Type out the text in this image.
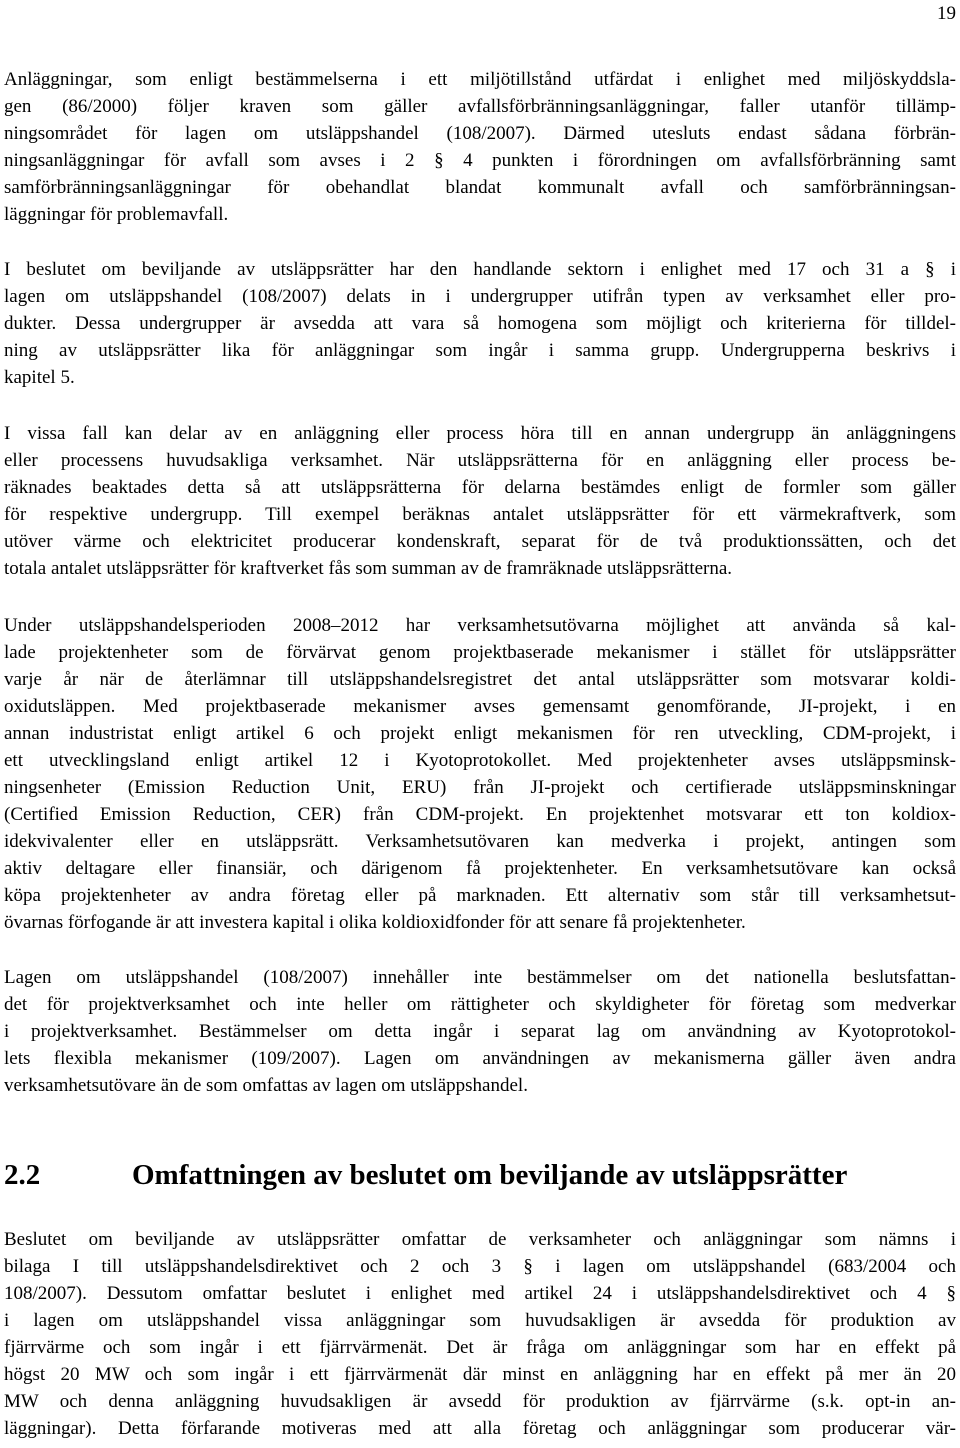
19
Anläggningar, som enligt bestämmelserna i ett miljötillstånd utfärdat i enlighet med miljöskyddsla-
gen (86/2000) följer kraven som gäller avfallsförbränningsanläggningar, faller utanför tillämp-
ningsområdet för lagen om utsläppshandel (108/2007). Därmed utesluts endast sådana förbrän-
ningsanläggningar för avfall som avses i 2 § 4 punkten i förordningen om avfallsförbränning samt
samförbränningsanläggningar för obehandlat blandat kommunalt avfall och samförbränningsan-
läggningar för problemavfall.
I beslutet om beviljande av utsläppsrätter har den handlande sektorn i enlighet med 17 och 31 a § i
lagen om utsläppshandel (108/2007) delats in i undergrupper utifrån typen av verksamhet eller pro-
dukter. Dessa undergrupper är avsedda att vara så homogena som möjligt och kriterierna för tilldel-
ning av utsläppsrätter lika för anläggningar som ingår i samma grupp. Undergrupperna beskrivs i
kapitel 5.
I vissa fall kan delar av en anläggning eller process höra till en annan undergrupp än anläggningens
eller processens huvudsakliga verksamhet. När utsläppsrätterna för en anläggning eller process be-
räknades beaktades detta så att utsläppsrätterna för delarna bestämdes enligt de formler som gäller
för respektive undergrupp. Till exempel beräknas antalet utsläppsrätter för ett värmekraftverk, som
utöver värme och elektricitet producerar kondenskraft, separat för de två produktionssätten, och det
totala antalet utsläppsrätter för kraftverket fås som summan av de framräknade utsläppsrätterna.
Under utsläppshandelsperioden 2008–2012 har verksamhetsutövarna möjlighet att använda så kal-
lade projektenheter som de förvärvat genom projektbaserade mekanismer i stället för utsläppsrätter
varje år när de återlämnar till utsläppshandelsregistret det antal utsläppsrätter som motsvarar koldi-
oxidutsläppen. Med projektbaserade mekanismer avses gemensamt genomförande, JI-projekt, i en
annan industristat enligt artikel 6 och projekt enligt mekanismen för ren utveckling, CDM-projekt, i
ett utvecklingsland enligt artikel 12 i Kyotoprotokollet. Med projektenheter avses utsläppsminsk-
ningsenheter (Emission Reduction Unit, ERU) från JI-projekt och certifierade utsläppsminskningar
(Certified Emission Reduction, CER) från CDM-projekt. En projektenhet motsvarar ett ton koldiox-
idekvivalenter eller en utsläppsrätt. Verksamhetsutövaren kan medverka i projekt, antingen som
aktiv deltagare eller finansiär, och därigenom få projektenheter. En verksamhetsutövare kan också
köpa projektenheter av andra företag eller på marknaden. Ett alternativ som står till verksamhetsut-
övarnas förfogande är att investera kapital i olika koldioxidfonder för att senare få projektenheter.
Lagen om utsläppshandel (108/2007) innehåller inte bestämmelser om det nationella beslutsfattan-
det för projektverksamhet och inte heller om rättigheter och skyldigheter för företag som medverkar
i projektverksamhet. Bestämmelser om detta ingår i separat lag om användning av Kyotoprotokol-
lets flexibla mekanismer (109/2007). Lagen om användningen av mekanismerna gäller även andra
verksamhetsutövare än de som omfattas av lagen om utsläppshandel.
2.2	Omfattningen av beslutet om beviljande av utsläppsrätter
Beslutet om beviljande av utsläppsrätter omfattar de verksamheter och anläggningar som nämns i
bilaga I till utsläppshandelsdirektivet och 2 och 3 § i lagen om utsläppshandel (683/2004 och
108/2007). Dessutom omfattar beslutet i enlighet med artikel 24 i utsläppshandelsdirektivet och 4 §
i lagen om utsläppshandel vissa anläggningar som huvudsakligen är avsedda för produktion av
fjärrvärme och som ingår i ett fjärrvärmenät. Det är fråga om anläggningar som har en effekt på
högst 20 MW och som ingår i ett fjärrvärmenät där minst en anläggning har en effekt på mer än 20
MW och denna anläggning huvudsakligen är avsedd för produktion av fjärrvärme (s.k. opt-in an-
läggningar). Detta förfarande motiveras med att alla företag och anläggningar som producerar vär-
